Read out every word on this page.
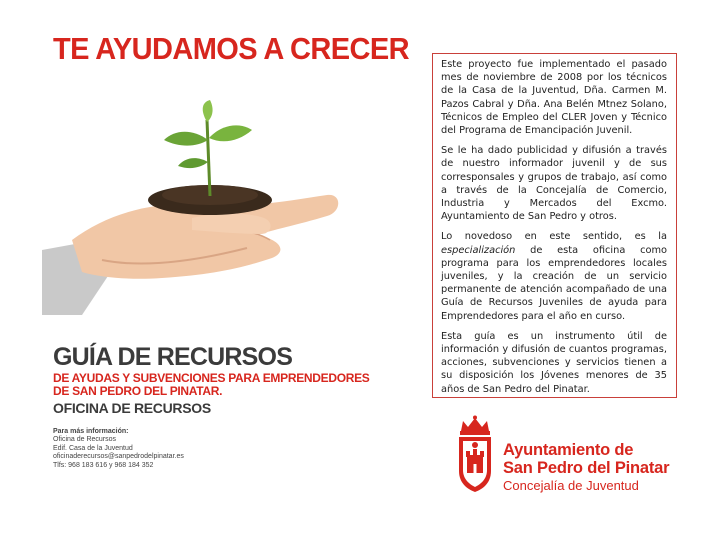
TE AYUDAMOS A CRECER
GUÍA DE RECURSOS
DE AYUDAS Y SUBVENCIONES PARA EMPRENDEDORES
DE SAN PEDRO DEL PINATAR.
OFICINA DE RECURSOS
Para más información:
Oficina de Recursos
Edif. Casa de la Juventud
oficinaderecursos@sanpedrodelpinatar.es
Tlfs: 968 183 616 y 968 184 352

Este proyecto fue implementado el pasado mes de noviembre de 2008 por los técnicos de la Casa de la Juventud, Dña. Carmen M. Pazos Cabral y Dña. Ana Belén Mtnez Solano, Técnicos de Empleo del CLER Joven y Técnico del Programa de Emancipación Juvenil.

Se le ha dado publicidad y difusión a través de nuestro informador juvenil y de sus corresponsales y grupos de trabajo, así como a través de la Concejalía de Comercio, Industria y Mercados del Excmo. Ayuntamiento de San Pedro y otros.

Lo novedoso en este sentido, es la especialización de esta oficina como programa para los emprendedores locales juveniles, y la creación de un servicio permanente de atención acompañado de una Guía de Recursos Juveniles de ayuda para Emprendedores para el año en curso.

Esta guía es un instrumento útil de información y difusión de cuantos programas, acciones, subvenciones y servicios tienen a su disposición los Jóvenes menores de 35 años de San Pedro del Pinatar.

Ayuntamiento de
San Pedro del Pinatar
Concejalía de Juventud
